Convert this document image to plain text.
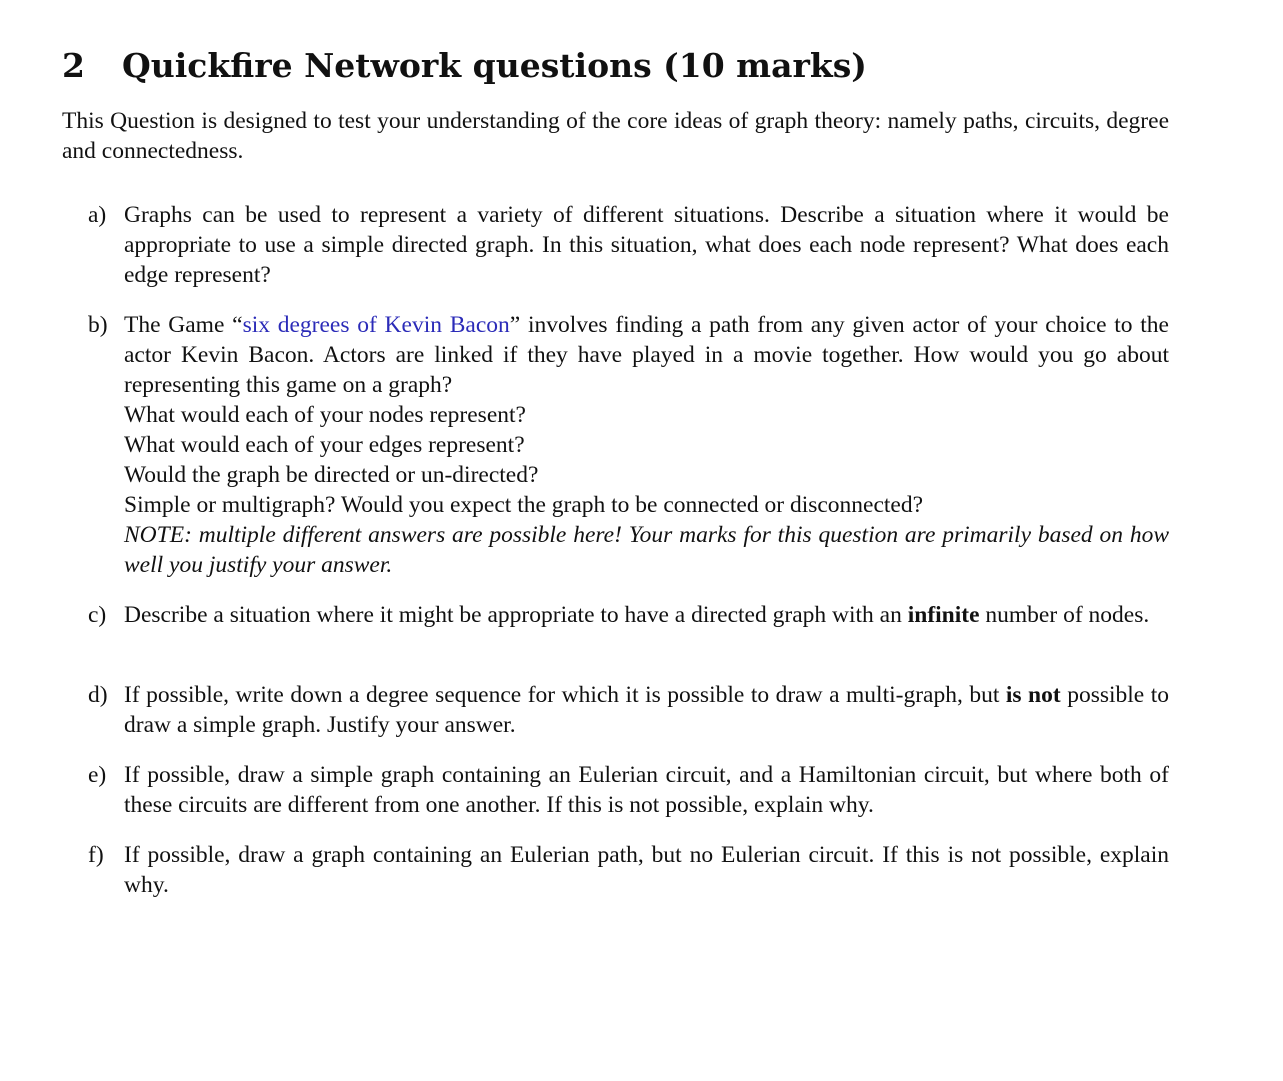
2	Quickfire Network questions (10 marks)

This Question is designed to test your understanding of the core ideas of graph theory: namely paths, circuits, degree and connectedness.

a) Graphs can be used to represent a variety of different situations. Describe a situation where it would be appropriate to use a simple directed graph. In this situation, what does each node represent? What does each edge represent?
b) The Game “six degrees of Kevin Bacon” involves finding a path from any given actor of your choice to the actor Kevin Bacon. Actors are linked if they have played in a movie together. How would you go about representing this game on a graph?
What would each of your nodes represent?
What would each of your edges represent?
Would the graph be directed or un-directed?
Simple or multigraph? Would you expect the graph to be connected or disconnected?
NOTE: multiple different answers are possible here! Your marks for this question are primarily based on how well you justify your answer.
c) Describe a situation where it might be appropriate to have a directed graph with an infinite number of nodes.
d) If possible, write down a degree sequence for which it is possible to draw a multi-graph, but is not possible to draw a simple graph. Justify your answer.
e) If possible, draw a simple graph containing an Eulerian circuit, and a Hamiltonian circuit, but where both of these circuits are different from one another. If this is not possible, explain why.
f) If possible, draw a graph containing an Eulerian path, but no Eulerian circuit. If this is not possible, explain why.
